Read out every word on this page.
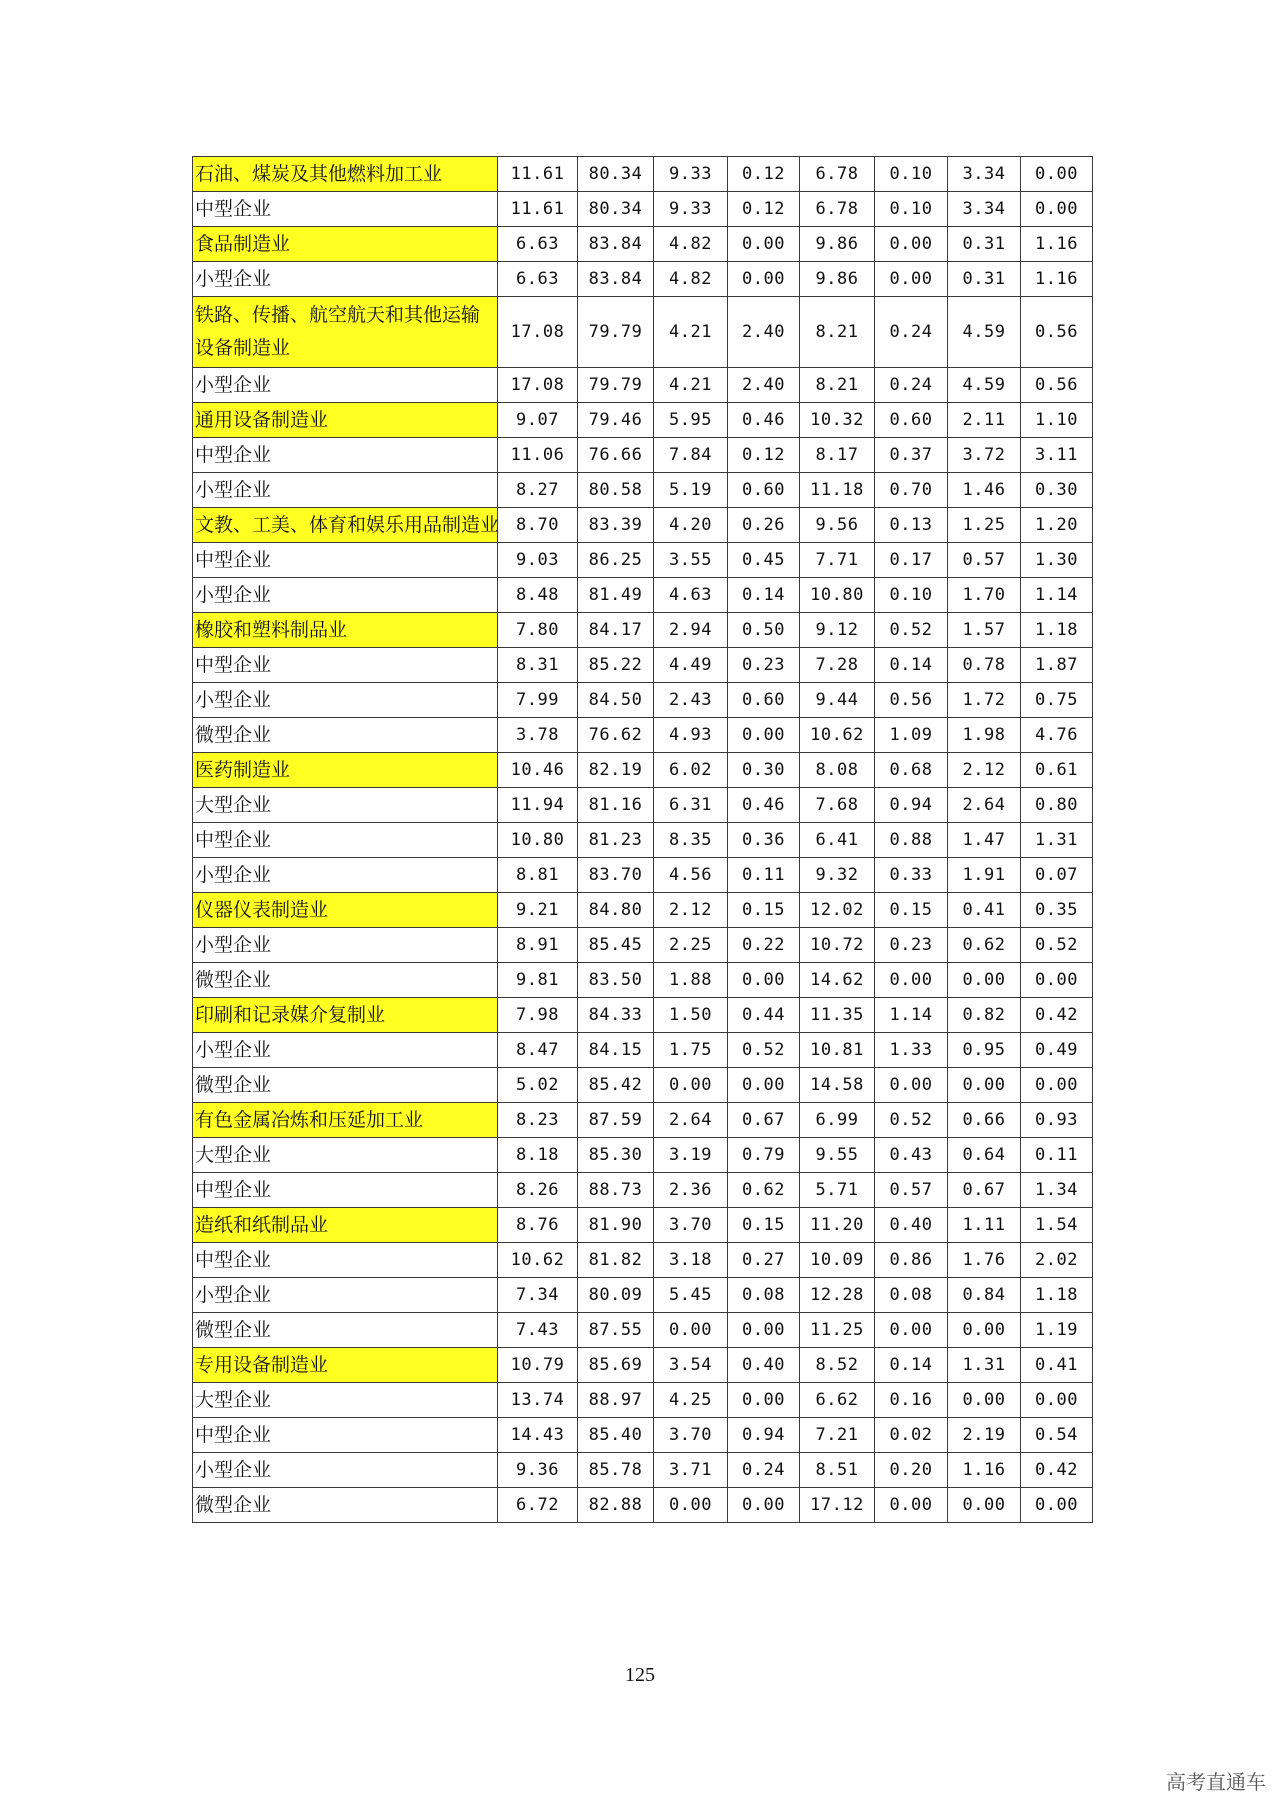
石油、煤炭及其他燃料加工业	11.61	80.34	9.33	0.12	6.78	0.10	3.34	0.00
中型企业	11.61	80.34	9.33	0.12	6.78	0.10	3.34	0.00
食品制造业	6.63	83.84	4.82	0.00	9.86	0.00	0.31	1.16
小型企业	6.63	83.84	4.82	0.00	9.86	0.00	0.31	1.16
铁路、传播、航空航天和其他运输设备制造业	17.08	79.79	4.21	2.40	8.21	0.24	4.59	0.56
小型企业	17.08	79.79	4.21	2.40	8.21	0.24	4.59	0.56
通用设备制造业	9.07	79.46	5.95	0.46	10.32	0.60	2.11	1.10
中型企业	11.06	76.66	7.84	0.12	8.17	0.37	3.72	3.11
小型企业	8.27	80.58	5.19	0.60	11.18	0.70	1.46	0.30
文教、工美、体育和娱乐用品制造业	8.70	83.39	4.20	0.26	9.56	0.13	1.25	1.20
中型企业	9.03	86.25	3.55	0.45	7.71	0.17	0.57	1.30
小型企业	8.48	81.49	4.63	0.14	10.80	0.10	1.70	1.14
橡胶和塑料制品业	7.80	84.17	2.94	0.50	9.12	0.52	1.57	1.18
中型企业	8.31	85.22	4.49	0.23	7.28	0.14	0.78	1.87
小型企业	7.99	84.50	2.43	0.60	9.44	0.56	1.72	0.75
微型企业	3.78	76.62	4.93	0.00	10.62	1.09	1.98	4.76
医药制造业	10.46	82.19	6.02	0.30	8.08	0.68	2.12	0.61
大型企业	11.94	81.16	6.31	0.46	7.68	0.94	2.64	0.80
中型企业	10.80	81.23	8.35	0.36	6.41	0.88	1.47	1.31
小型企业	8.81	83.70	4.56	0.11	9.32	0.33	1.91	0.07
仪器仪表制造业	9.21	84.80	2.12	0.15	12.02	0.15	0.41	0.35
小型企业	8.91	85.45	2.25	0.22	10.72	0.23	0.62	0.52
微型企业	9.81	83.50	1.88	0.00	14.62	0.00	0.00	0.00
印刷和记录媒介复制业	7.98	84.33	1.50	0.44	11.35	1.14	0.82	0.42
小型企业	8.47	84.15	1.75	0.52	10.81	1.33	0.95	0.49
微型企业	5.02	85.42	0.00	0.00	14.58	0.00	0.00	0.00
有色金属冶炼和压延加工业	8.23	87.59	2.64	0.67	6.99	0.52	0.66	0.93
大型企业	8.18	85.30	3.19	0.79	9.55	0.43	0.64	0.11
中型企业	8.26	88.73	2.36	0.62	5.71	0.57	0.67	1.34
造纸和纸制品业	8.76	81.90	3.70	0.15	11.20	0.40	1.11	1.54
中型企业	10.62	81.82	3.18	0.27	10.09	0.86	1.76	2.02
小型企业	7.34	80.09	5.45	0.08	12.28	0.08	0.84	1.18
微型企业	7.43	87.55	0.00	0.00	11.25	0.00	0.00	1.19
专用设备制造业	10.79	85.69	3.54	0.40	8.52	0.14	1.31	0.41
大型企业	13.74	88.97	4.25	0.00	6.62	0.16	0.00	0.00
中型企业	14.43	85.40	3.70	0.94	7.21	0.02	2.19	0.54
小型企业	9.36	85.78	3.71	0.24	8.51	0.20	1.16	0.42
微型企业	6.72	82.88	0.00	0.00	17.12	0.00	0.00	0.00
125
高考直通车
